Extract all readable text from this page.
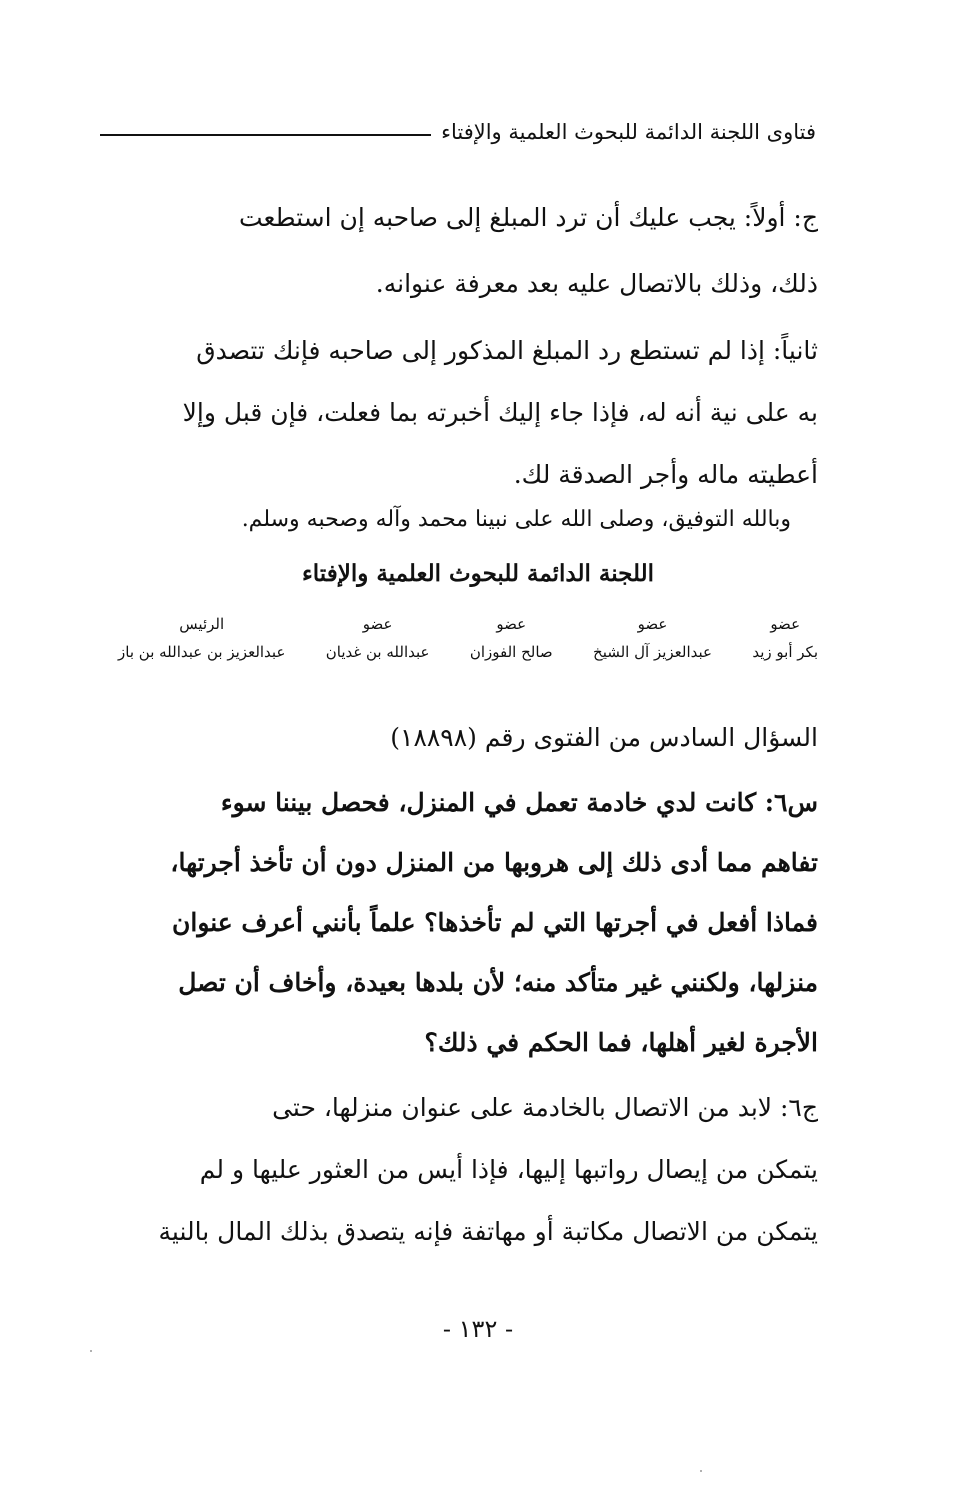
فتاوى اللجنة الدائمة للبحوث العلمية والإفتاء

ج: أولاً: يجب عليك أن ترد المبلغ إلى صاحبه إن استطعت

ذلك، وذلك بالاتصال عليه بعد معرفة عنوانه.

ثانياً: إذا لم تستطع رد المبلغ المذكور إلى صاحبه فإنك تتصدق

به على نية أنه له، فإذا جاء إليك أخبرته بما فعلت، فإن قبل وإلا

أعطيته ماله وأجر الصدقة لك.

وبالله التوفيق، وصلى الله على نبينا محمد وآله وصحبه وسلم.
اللجنة الدائمة للبحوث العلمية والإفتاء
عضو
بكر أبو زيد
عضو
عبدالعزيز آل الشيخ
عضو
صالح الفوزان
عضو
عبدالله بن غديان
الرئيس
عبدالعزيز بن عبدالله بن باز

السؤال السادس من الفتوى رقم (١٨٨٩٨)

س٦: كانت لدي خادمة تعمل في المنزل، فحصل بيننا سوء

تفاهم مما أدى ذلك إلى هروبها من المنزل دون أن تأخذ أجرتها،

فماذا أفعل في أجرتها التي لم تأخذها؟ علماً بأنني أعرف عنوان

منزلها، ولكنني غير متأكد منه؛ لأن بلدها بعيدة، وأخاف أن تصل

الأجرة لغير أهلها، فما الحكم في ذلك؟

ج٦: لابد من الاتصال بالخادمة على عنوان منزلها، حتى

يتمكن من إيصال رواتبها إليها، فإذا أيس من العثور عليها و لم

يتمكن من الاتصال مكاتبة أو مهاتفة فإنه يتصدق بذلك المال بالنية

- ١٣٢ -
